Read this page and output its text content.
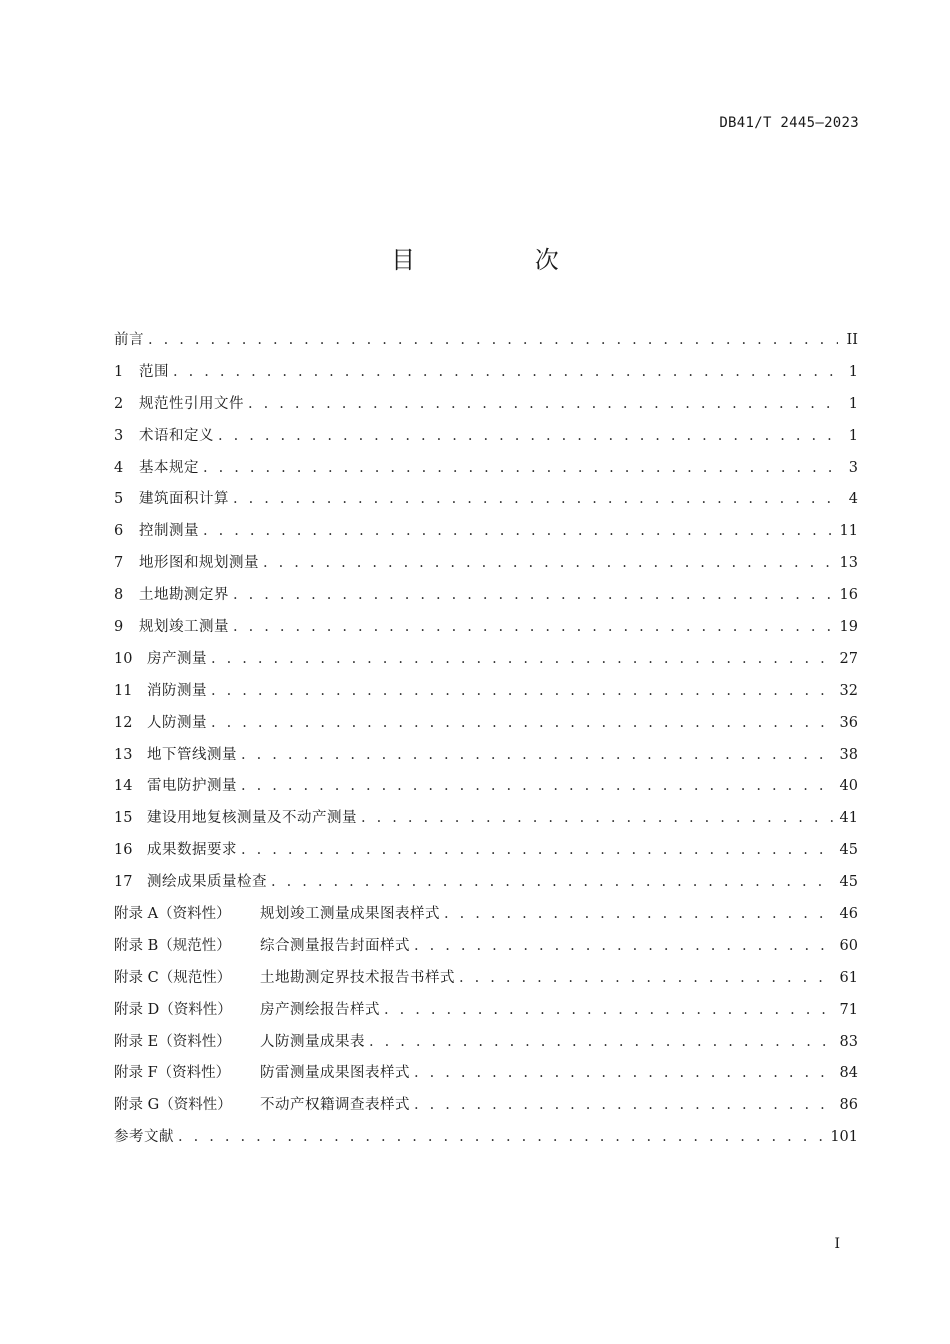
DB41/T 2445—2023
目 次
前言 . . .	II
1	范围 . . .	1
2	规范性引用文件 . . .	1
3	术语和定义 . . .	1
4	基本规定 . . .	3
5	建筑面积计算 . . .	4
6	控制测量 . . .	11
7	地形图和规划测量 . . .	13
8	土地勘测定界 . . .	16
9	规划竣工测量 . . .	19
10	房产测量 . . .	27
11	消防测量 . . .	32
12	人防测量 . . .	36
13	地下管线测量 . . .	38
14	雷电防护测量 . . .	40
15	建设用地复核测量及不动产测量 . . .	41
16	成果数据要求 . . .	45
17	测绘成果质量检查 . . .	45
附录 A（资料性）	规划竣工测量成果图表样式 . . .	46
附录 B（规范性）	综合测量报告封面样式 . . .	60
附录 C（规范性）	土地勘测定界技术报告书样式 . . .	61
附录 D（资料性）	房产测绘报告样式 . . .	71
附录 E（资料性）	人防测量成果表 . . .	83
附录 F（资料性）	防雷测量成果图表样式 . . .	84
附录 G（资料性）	不动产权籍调查表样式 . . .	86
参考文献 . . .	101
I
